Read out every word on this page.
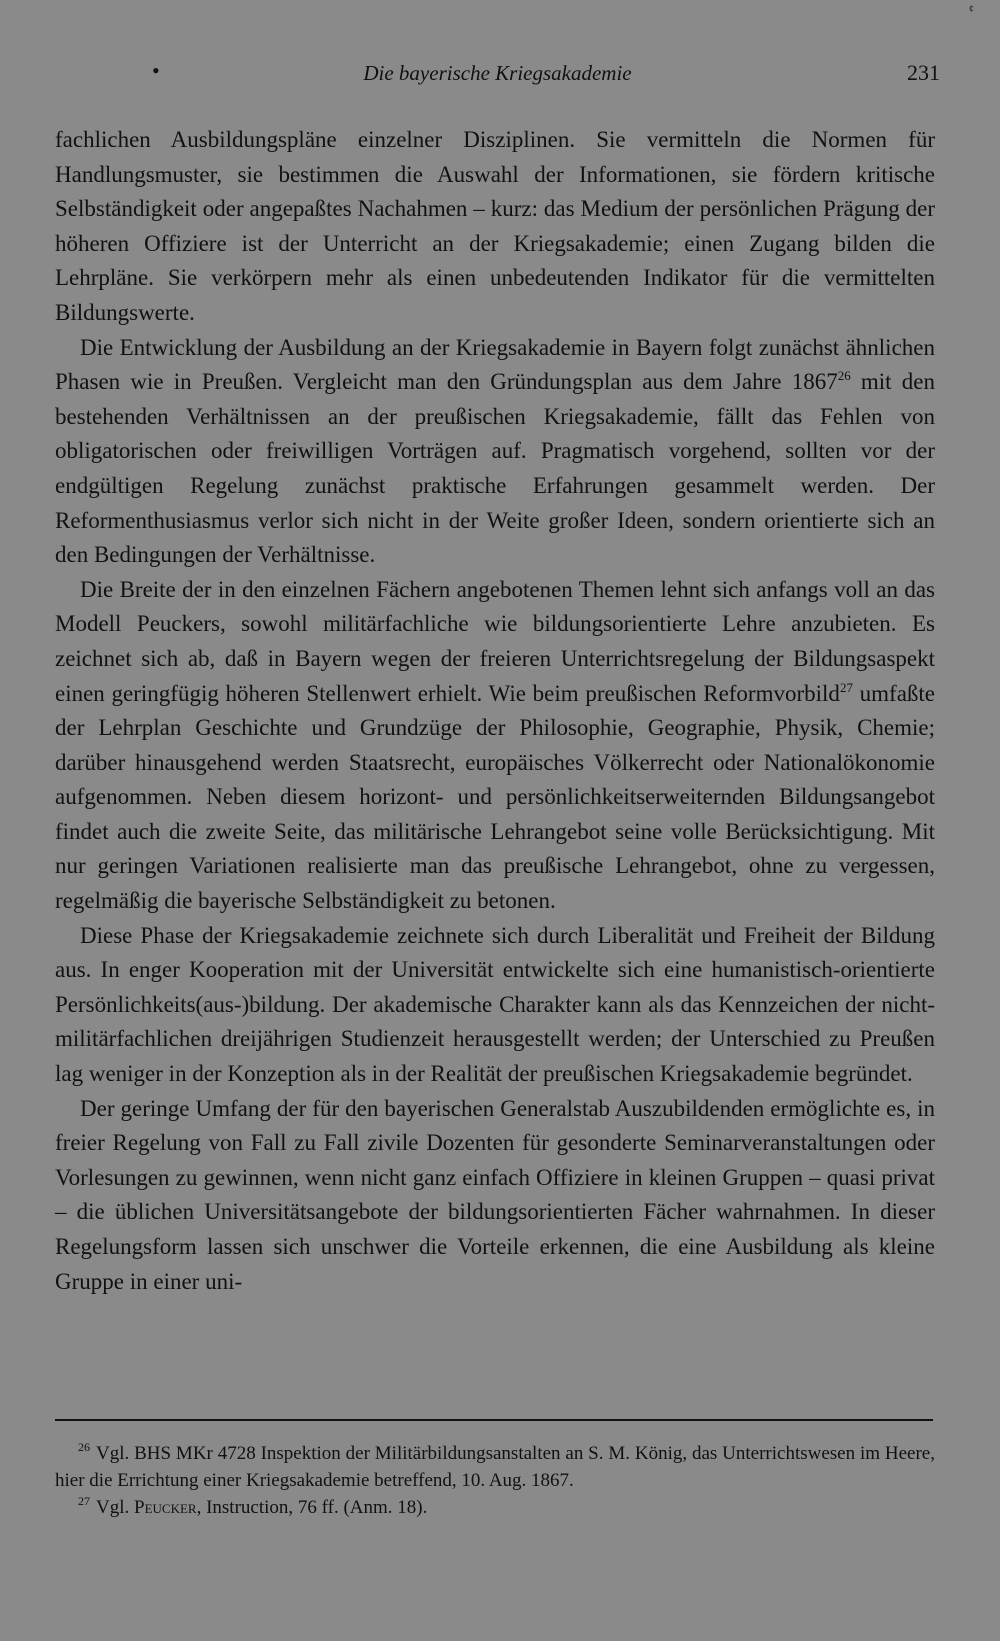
¢
•	Die bayerische Kriegsakademie	231

fachlichen Ausbildungspläne einzelner Disziplinen. Sie vermitteln die Normen für Handlungsmuster, sie bestimmen die Auswahl der Informationen, sie fördern kritische Selbständigkeit oder angepaßtes Nachahmen – kurz: das Medium der persönlichen Prägung der höheren Offiziere ist der Unterricht an der Kriegsakademie; einen Zugang bilden die Lehrpläne. Sie verkörpern mehr als einen unbedeutenden Indikator für die vermittelten Bildungswerte.

Die Entwicklung der Ausbildung an der Kriegsakademie in Bayern folgt zunächst ähnlichen Phasen wie in Preußen. Vergleicht man den Gründungsplan aus dem Jahre 1867$^{26}$ mit den bestehenden Verhältnissen an der preußischen Kriegsakademie, fällt das Fehlen von obligatorischen oder freiwilligen Vorträgen auf. Pragmatisch vorgehend, sollten vor der endgültigen Regelung zunächst praktische Erfahrungen gesammelt werden. Der Reformenthusiasmus verlor sich nicht in der Weite großer Ideen, sondern orientierte sich an den Bedingungen der Verhältnisse.

Die Breite der in den einzelnen Fächern angebotenen Themen lehnt sich anfangs voll an das Modell Peuckers, sowohl militärfachliche wie bildungsorientierte Lehre anzubieten. Es zeichnet sich ab, daß in Bayern wegen der freieren Unterrichtsregelung der Bildungsaspekt einen geringfügig höheren Stellenwert erhielt. Wie beim preußischen Reformvorbild$^{27}$ umfaßte der Lehrplan Geschichte und Grundzüge der Philosophie, Geographie, Physik, Chemie; darüber hinausgehend werden Staatsrecht, europäisches Völkerrecht oder Nationalökonomie aufgenommen. Neben diesem horizont- und persönlichkeitserweiternden Bildungsangebot findet auch die zweite Seite, das militärische Lehrangebot seine volle Berücksichtigung. Mit nur geringen Variationen realisierte man das preußische Lehrangebot, ohne zu vergessen, regelmäßig die bayerische Selbständigkeit zu betonen.

Diese Phase der Kriegsakademie zeichnete sich durch Liberalität und Freiheit der Bildung aus. In enger Kooperation mit der Universität entwickelte sich eine humanistisch-orientierte Persönlichkeits(aus-)bildung. Der akademische Charakter kann als das Kennzeichen der nicht-militärfachlichen dreijährigen Studienzeit herausgestellt werden; der Unterschied zu Preußen lag weniger in der Konzeption als in der Realität der preußischen Kriegsakademie begründet.

Der geringe Umfang der für den bayerischen Generalstab Auszubildenden ermöglichte es, in freier Regelung von Fall zu Fall zivile Dozenten für gesonderte Seminarveranstaltungen oder Vorlesungen zu gewinnen, wenn nicht ganz einfach Offiziere in kleinen Gruppen – quasi privat – die üblichen Universitätsangebote der bildungsorientierten Fächer wahrnahmen. In dieser Regelungsform lassen sich unschwer die Vorteile erkennen, die eine Ausbildung als kleine Gruppe in einer uni-

$^{26}$ Vgl. BHS MKr 4728 Inspektion der Militärbildungsanstalten an S. M. König, das Unterrichtswesen im Heere, hier die Errichtung einer Kriegsakademie betreffend, 10. Aug. 1867.

$^{27}$ Vgl. Peucker, Instruction, 76 ff. (Anm. 18).
